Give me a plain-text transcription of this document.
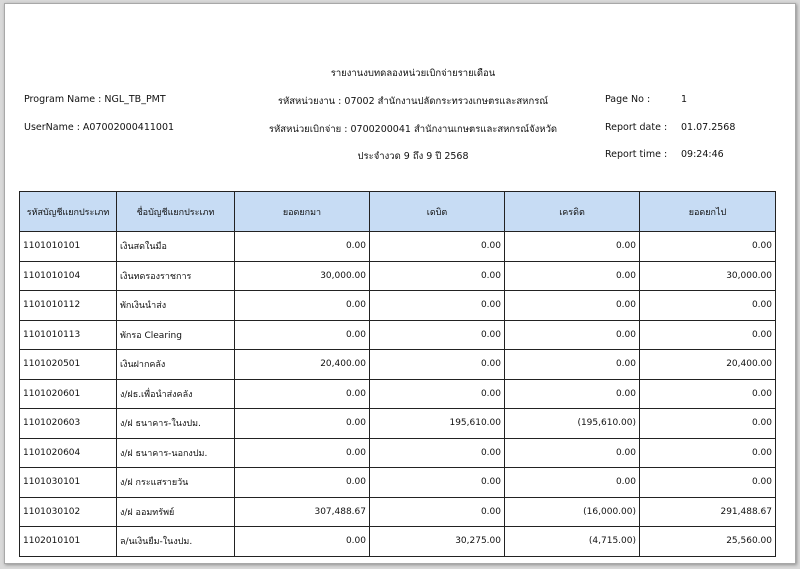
รายงานงบทดลองหน่วยเบิกจ่ายรายเดือน
Program Name : NGL_TB_PMT	รหัสหน่วยงาน : 07002 สำนักงานปลัดกระทรวงเกษตรและสหกรณ์	Page No :	1
UserName : A07002000411001	รหัสหน่วยเบิกจ่าย : 0700200041 สำนักงานเกษตรและสหกรณ์จังหวัด	Report date : 01.07.2568
ประจำงวด 9 ถึง 9 ปี 2568	Report time : 09:24:46
รหัสบัญชีแยกประเภท	ชื่อบัญชีแยกประเภท	ยอดยกมา	เดบิต	เครดิต	ยอดยกไป
1101010101	เงินสดในมือ	0.00	0.00	0.00	0.00
1101010104	เงินทดรองราชการ	30,000.00	0.00	0.00	30,000.00
1101010112	พักเงินนำส่ง	0.00	0.00	0.00	0.00
1101010113	พักรอ Clearing	0.00	0.00	0.00	0.00
1101020501	เงินฝากคลัง	20,400.00	0.00	0.00	20,400.00
1101020601	ง/ฝธ.เพื่อนำส่งคลัง	0.00	0.00	0.00	0.00
1101020603	ง/ฝ ธนาคาร-ในงปม.	0.00	195,610.00	(195,610.00)	0.00
1101020604	ง/ฝ ธนาคาร-นอกงปม.	0.00	0.00	0.00	0.00
1101030101	ง/ฝ กระแสรายวัน	0.00	0.00	0.00	0.00
1101030102	ง/ฝ ออมทรัพย์	307,488.67	0.00	(16,000.00)	291,488.67
1102010101	ล/นเงินยืม-ในงปม.	0.00	30,275.00	(4,715.00)	25,560.00
